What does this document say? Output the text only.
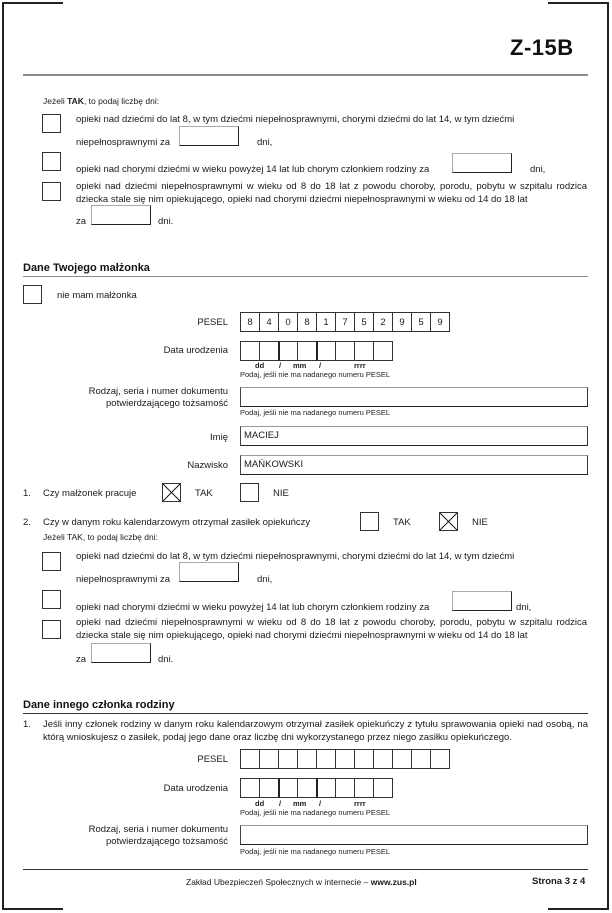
Z-15B
Jeżeli TAK, to podaj liczbę dni:
opieki nad dziećmi do lat 8, w tym dziećmi niepełnosprawnymi, chorymi dziećmi do lat 14, w tym dziećmi
niepełnosprawnymi za	dni,
opieki nad chorymi dziećmi w wieku powyżej 14 lat lub chorym członkiem rodziny za	dni,
opieki nad dziećmi niepełnosprawnymi w wieku od 8 do 18 lat z powodu choroby, porodu, pobytu w szpitalu rodzica dziecka stale się nim opiekującego, opieki nad chorymi dziećmi niepełnosprawnymi w wieku od 14 do 18 lat
za	dni.
Dane Twojego małżonka
nie mam małżonka
PESEL	8	4	0	8	1	7	5	2	9	5	9
Data urodzenia
dd / mm /	rrrr
Podaj, jeśli nie ma nadanego numeru PESEL
Rodzaj, seria i numer dokumentu
potwierdzającego tożsamość
Podaj, jeśli nie ma nadanego numeru PESEL
Imię	MACIEJ
Nazwisko	MAŃKOWSKI
1. Czy małżonek pracuje	TAK	NIE
2. Czy w danym roku kalendarzowym otrzymał zasiłek opiekuńczy	TAK	NIE
Jeżeli TAK, to podaj liczbę dni:
opieki nad dziećmi do lat 8, w tym dziećmi niepełnosprawnymi, chorymi dziećmi do lat 14, w tym dziećmi
niepełnosprawnymi za	dni,
opieki nad chorymi dziećmi w wieku powyżej 14 lat lub chorym członkiem rodziny za	dni,
opieki nad dziećmi niepełnosprawnymi w wieku od 8 do 18 lat z powodu choroby, porodu, pobytu w szpitalu rodzica dziecka stale się nim opiekującego, opieki nad chorymi dziećmi niepełnosprawnymi w wieku od 14 do 18 lat
za	dni.
Dane innego członka rodziny
1. Jeśli inny członek rodziny w danym roku kalendarzowym otrzymał zasiłek opiekuńczy z tytułu sprawowania opieki nad osobą, na którą wnioskujesz o zasiłek, podaj jego dane oraz liczbę dni wykorzystanego przez niego zasiłku opiekuńczego.
PESEL
Data urodzenia
dd / mm /	rrrr
Podaj, jeśli nie ma nadanego numeru PESEL
Rodzaj, seria i numer dokumentu
potwierdzającego tożsamość
Podaj, jeśli nie ma nadanego numeru PESEL
Zakład Ubezpieczeń Społecznych w internecie – www.zus.pl	Strona 3 z 4
